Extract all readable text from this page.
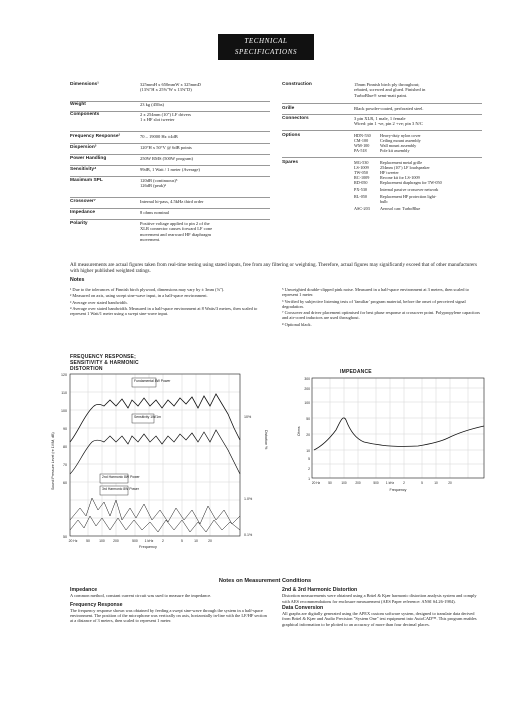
TECHNICAL
SPECIFICATIONS
Dimensions¹	325mmH x 650mmW x 325mmD
(13⅝"H x 25⅝"W x 13⅝"D)
Weight	23 kg (45lbs)
Components	2 x 254mm (10") LF drivers
1 x HF slot tweeter
Frequency Response²	70 – 19000 Hz ±4dB
Dispersion³	120°H x 50°V @ 6dB points
Power Handling	250W RMS (500W program)
Sensitivity⁴	99dB, 1 Watt / 1 meter (Average)
Maximum SPL	120dB (continuous)⁵
126dB (peak)⁶
Crossover⁷	Internal hi-pass, 4.5kHz third order
Impedance	8 ohms nominal
Polarity	Positive voltage applied to pin 2 of the
XLR connector causes forward LF cone
movement and rearward HF diaphragm
movement.
Construction	15mm Finnish birch ply throughout;
rebated, screwed and glued. Finished in
TurboBlue® semi-matt paint.
Grille	Black powder-coated, perforated steel.
Connectors	3 pin XLR, 1 male, 1 female
Wired: pin 1 -ve, pin 2 +ve; pin 3 N/C
Options	HDN-530	Heavy-duty nylon cover
CM-100	Ceiling mount assembly
WM-100	Wall mount assembly
PA-518	Pole kit assembly
Spares	MG-530	Replacement metal grille
LS-1009	254mm (10") LF loudspeaker
TW-050	HF tweeter
RC-1009	Recone kit for LS-1009
RD-050	Replacement diaphragm for TW-050
PX-530	Internal passive crossover network
RL-050	Replacement HF protection light-bulb
ASC-203	Aerosol can: TurboBlue
All measurements are actual figures taken from real-time testing using stated inputs, free from any filtering or weighting. Therefore, actual figures may significantly exceed that of other manufacturers with higher published weighted ratings.
Notes
¹ Due to the tolerances of Finnish birch plywood, dimensions may vary by ± 3mm (⅛").
² Measured on axis, using swept sine-wave input, in a half-space environment.
³ Average over stated bandwidth.
⁴ Average over stated bandwidth. Measured in a half-space environment at 8 Watts/3 metres, then scaled to represent 1 Watt/1 meter using a swept sine-wave input.
⁵ Unweighted double-clipped pink noise. Measured in a half-space environment at 3 meters, then scaled to represent 1 meter.
⁶ Verified by subjective listening tests of 'familiar' program material, before the onset of perceived signal degradation.
⁷ Crossover and driver placement optimised for best phase response at crossover point. Polypropylene capacitors and air-cored inductors are used throughout.
⁸ Optional black.
FREQUENCY RESPONSE;
SENSITIVITY & HARMONIC
DISTORTION
Fundamental 8W Power
Sensitivity 1W/1m
2nd Harmonic 8W Power
3rd Harmonic 8W Power
120
110
100
90
80
70
60
50
10%
1.0%
0.1%
20 Hz	50	100 200	500 1 kHz	2	5	10	20
Frequency
Sound Pressure Level (re 1V/M, dB)	Distortion %
IMPEDANCE
300
200
100
50
20
10
5
2
1
20 Hz	50	100	200	500 1 kHz	2	5	10	20
Frequency
Ohms
Notes on Measurement Conditions
Impedance
A common method, constant current circuit was used to measure the impedance.
Frequency Response
The frequency response shown was obtained by feeding a swept sine-wave through the system in a half-space environment. The position of the microphone was vertically on axis, horizontally in-line with the LF/HF section at a distance of 3 meters, then scaled to represent 1 meter.
2nd & 3rd Harmonic Distortion
Distortion measurements were obtained using a Brüel & Kjær harmonic distortion analysis system and comply with AES recommendations for enclosure measurement (AES Paper reference: ANSI S4.26-1984).
Data Conversion
All graphs are digitally generated using the APEX custom software system, designed to translate data derived from Brüel & Kjær and Audio Precision "System One" test equipment into AutoCAD™. This program enables graphical information to be plotted to an accuracy of more than four decimal places.
